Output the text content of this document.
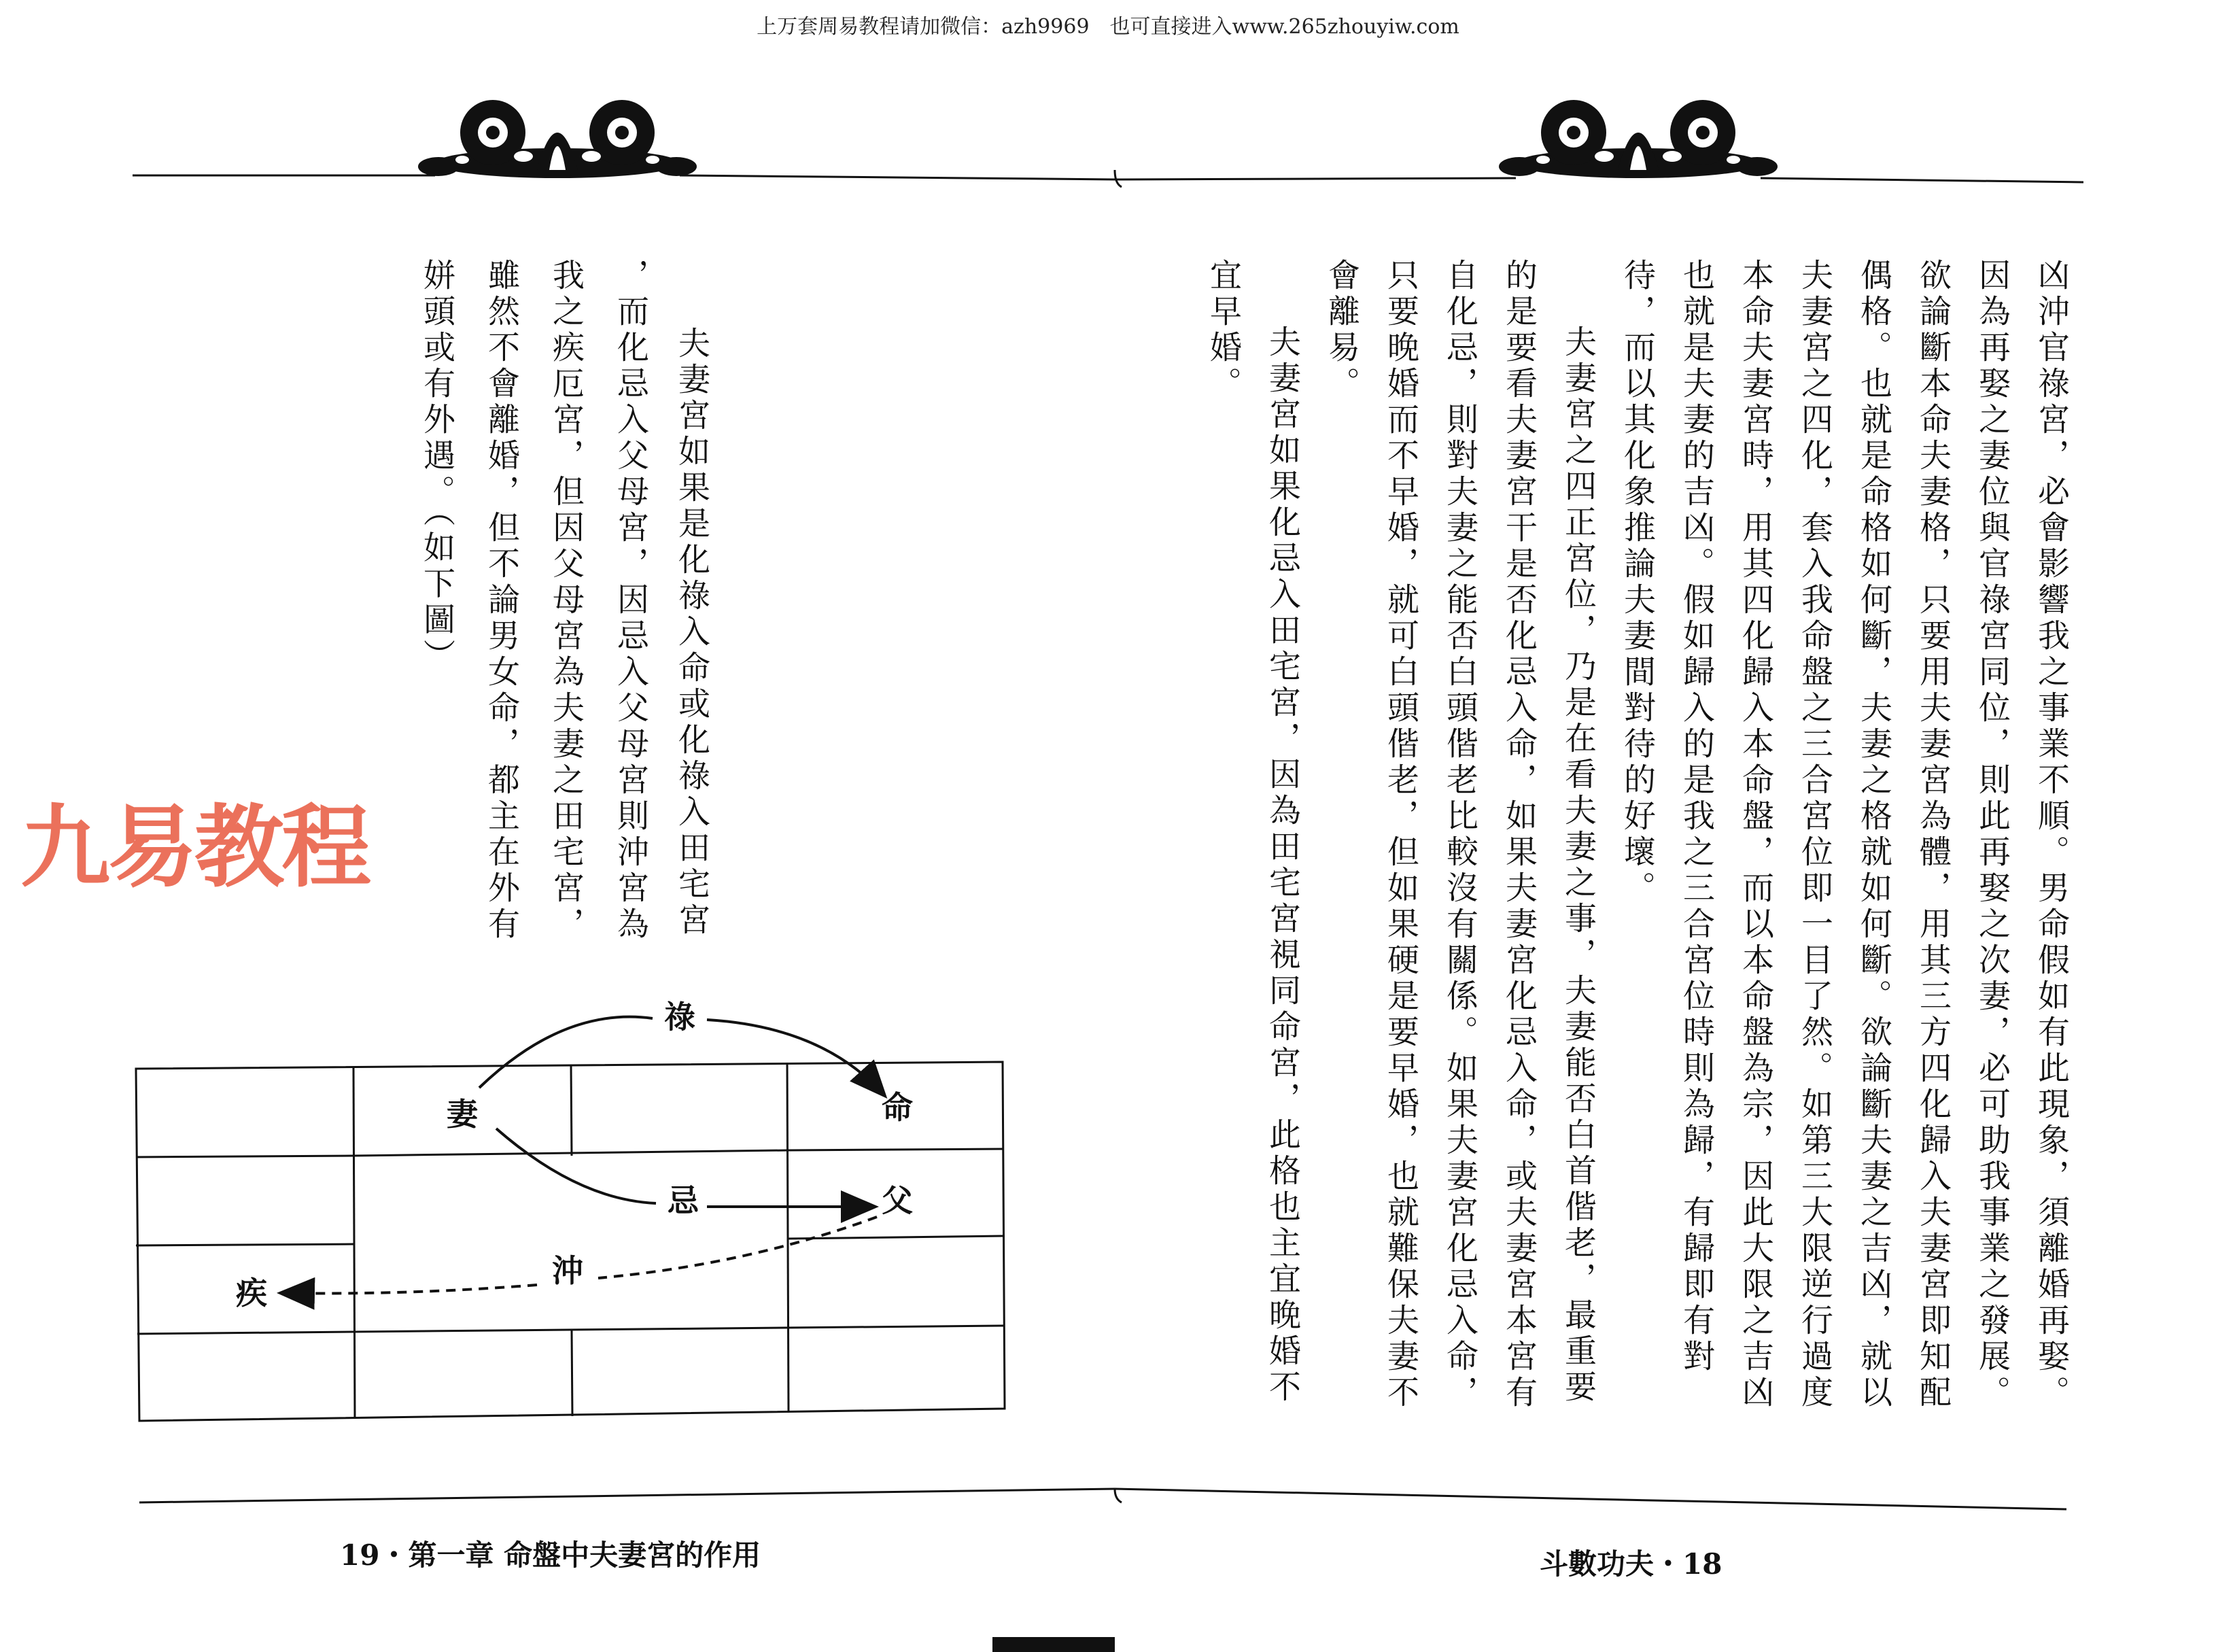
上万套周易教程请加微信：azh9969　也可直接进入www.265zhouyiw.com
祿
妻	命
忌	父
沖
疾
夫妻宮如果是化祿入命或化祿入田宅宮
，而化忌入父母宮，因忌入父母宮則沖宮為
我之疾厄宮，但因父母宮為夫妻之田宅宮，
雖然不會離婚，但不論男女命，都主在外有
姘頭或有外遇。（如下圖）
九易教程
19・第一章 命盤中夫妻宮的作用
凶沖官祿宮，必會影響我之事業不順。男命假如有此現象，須離婚再娶。
因為再娶之妻位與官祿宮同位，則此再娶之次妻，必可助我事業之發展。
欲論斷本命夫妻格，只要用夫妻宮為體，用其三方四化歸入夫妻宮即知配
偶格。也就是命格如何斷，夫妻之格就如何斷。欲論斷夫妻之吉凶，就以
夫妻宮之四化，套入我命盤之三合宮位即一目了然。如第三大限逆行過度
本命夫妻宮時，用其四化歸入本命盤，而以本命盤為宗，因此大限之吉凶
也就是夫妻的吉凶。假如歸入的是我之三合宮位時則為歸，有歸即有對
待，而以其化象推論夫妻間對待的好壞。
　夫妻宮之四正宮位，乃是在看夫妻之事，夫妻能否白首偕老，最重要
的是要看夫妻宮干是否化忌入命，如果夫妻宮化忌入命，或夫妻宮本宮有
自化忌，則對夫妻之能否白頭偕老比較沒有關係。如果夫妻宮化忌入命，
只要晚婚而不早婚，就可白頭偕老，但如果硬是要早婚，也就難保夫妻不
會離易。
　夫妻宮如果化忌入田宅宮，因為田宅宮視同命宮，此格也主宜晚婚不
宜早婚。
斗數功夫・18
